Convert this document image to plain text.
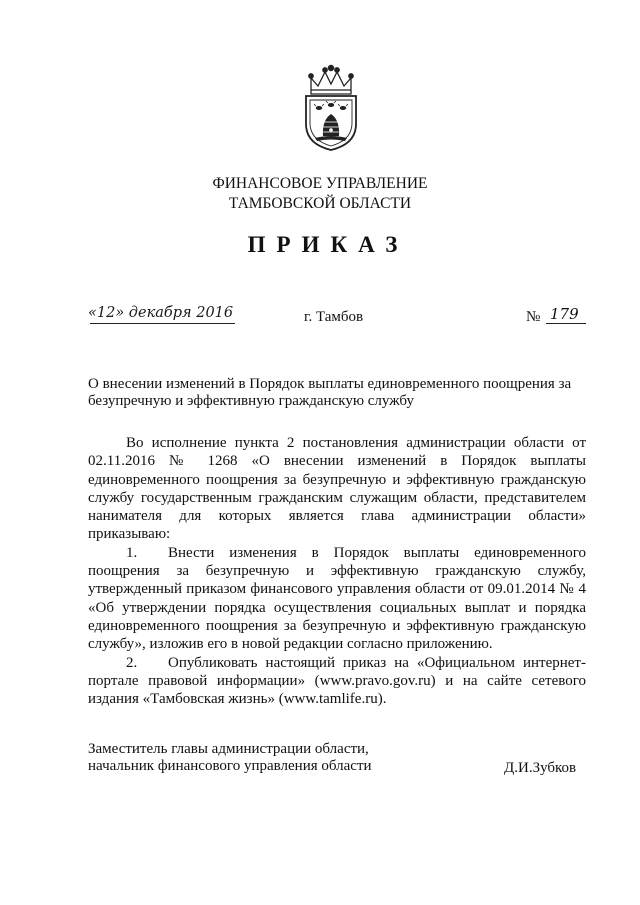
ФИНАНСОВОЕ УПРАВЛЕНИЕ
ТАМБОВСКОЙ ОБЛАСТИ
ПРИКАЗ
«12» декабря 2016	г. Тамбов	№ 179

О внесении изменений в Порядок выплаты единовременного поощрения за

безупречную и эффективную гражданскую службу

Во исполнение пункта 2 постановления администрации области от 02.11.2016 № 1268 «О внесении изменений в Порядок выплаты единовременного поощрения за безупречную и эффективную гражданскую службу государственным гражданским служащим области, представителем нанимателя для которых является глава администрации области» приказываю:

1. Внести изменения в Порядок выплаты единовременного поощрения за безупречную и эффективную гражданскую службу, утвержденный приказом финансового управления области от 09.01.2014 № 4 «Об утверждении порядка осуществления социальных выплат и порядка единовременного поощрения за безупречную и эффективную гражданскую службу», изложив его в новой редакции согласно приложению.

2. Опубликовать настоящий приказ на «Официальном интернет-портале правовой информации» (www.pravo.gov.ru) и на сайте сетевого издания «Тамбовская жизнь» (www.tamlife.ru).

Заместитель главы администрации области,

начальник финансового управления области	Д.И.Зубков
